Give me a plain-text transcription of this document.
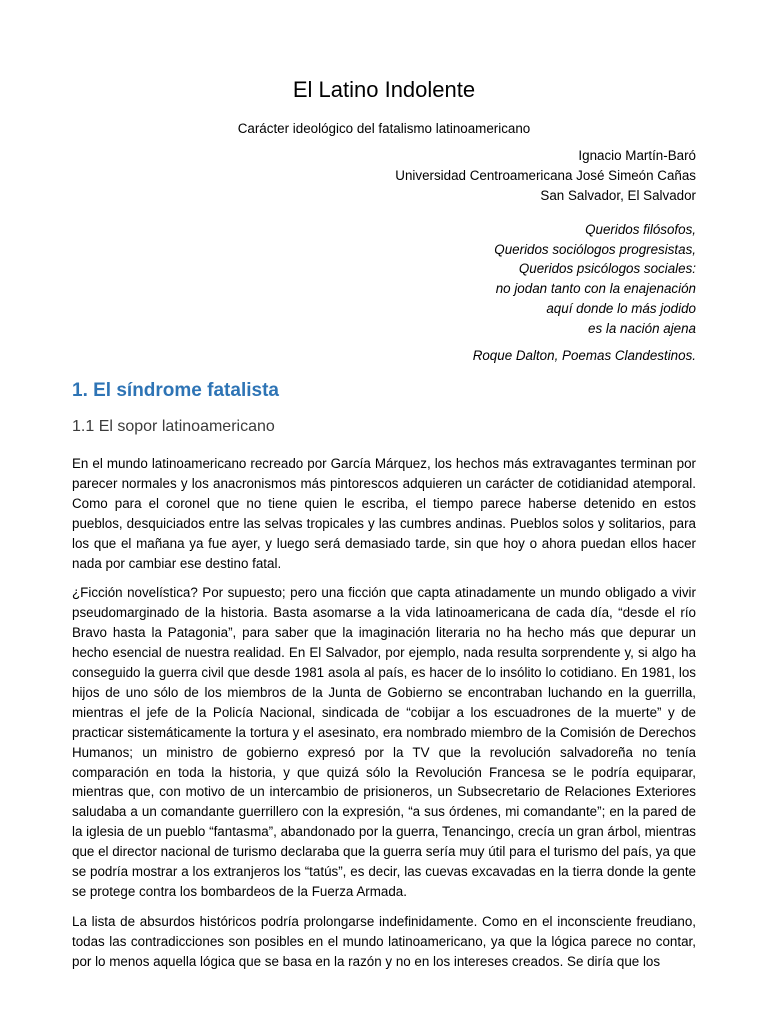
El Latino Indolente
Carácter ideológico del fatalismo latinoamericano
Ignacio Martín-Baró
Universidad Centroamericana José Simeón Cañas
San Salvador, El Salvador
Queridos filósofos,
Queridos sociólogos progresistas,
Queridos psicólogos sociales:
no jodan tanto con la enajenación
aquí donde lo más jodido
es la nación ajena
Roque Dalton, Poemas Clandestinos.
1. El síndrome fatalista
1.1 El sopor latinoamericano

En el mundo latinoamericano recreado por García Márquez, los hechos más extravagantes terminan por parecer normales y los anacronismos más pintorescos adquieren un carácter de cotidianidad atemporal. Como para el coronel que no tiene quien le escriba, el tiempo parece haberse detenido en estos pueblos, desquiciados entre las selvas tropicales y las cumbres andinas. Pueblos solos y solitarios, para los que el mañana ya fue ayer, y luego será demasiado tarde, sin que hoy o ahora puedan ellos hacer nada por cambiar ese destino fatal.

¿Ficción novelística? Por supuesto; pero una ficción que capta atinadamente un mundo obligado a vivir pseudomarginado de la historia. Basta asomarse a la vida latinoamericana de cada día, “desde el río Bravo hasta la Patagonia”, para saber que la imaginación literaria no ha hecho más que depurar un hecho esencial de nuestra realidad. En El Salvador, por ejemplo, nada resulta sorprendente y, si algo ha conseguido la guerra civil que desde 1981 asola al país, es hacer de lo insólito lo cotidiano. En 1981, los hijos de uno sólo de los miembros de la Junta de Gobierno se encontraban luchando en la guerrilla, mientras el jefe de la Policía Nacional, sindicada de “cobijar a los escuadrones de la muerte” y de practicar sistemáticamente la tortura y el asesinato, era nombrado miembro de la Comisión de Derechos Humanos; un ministro de gobierno expresó por la TV que la revolución salvadoreña no tenía comparación en toda la historia, y que quizá sólo la Revolución Francesa se le podría equiparar, mientras que, con motivo de un intercambio de prisioneros, un Subsecretario de Relaciones Exteriores saludaba a un comandante guerrillero con la expresión, “a sus órdenes, mi comandante”; en la pared de la iglesia de un pueblo “fantasma”, abandonado por la guerra, Tenancingo, crecía un gran árbol, mientras que el director nacional de turismo declaraba que la guerra sería muy útil para el turismo del país, ya que se podría mostrar a los extranjeros los “tatús”, es decir, las cuevas excavadas en la tierra donde la gente se protege contra los bombardeos de la Fuerza Armada.

La lista de absurdos históricos podría prolongarse indefinidamente. Como en el inconsciente freudiano, todas las contradicciones son posibles en el mundo latinoamericano, ya que la lógica parece no contar, por lo menos aquella lógica que se basa en la razón y no en los intereses creados. Se diría que los
